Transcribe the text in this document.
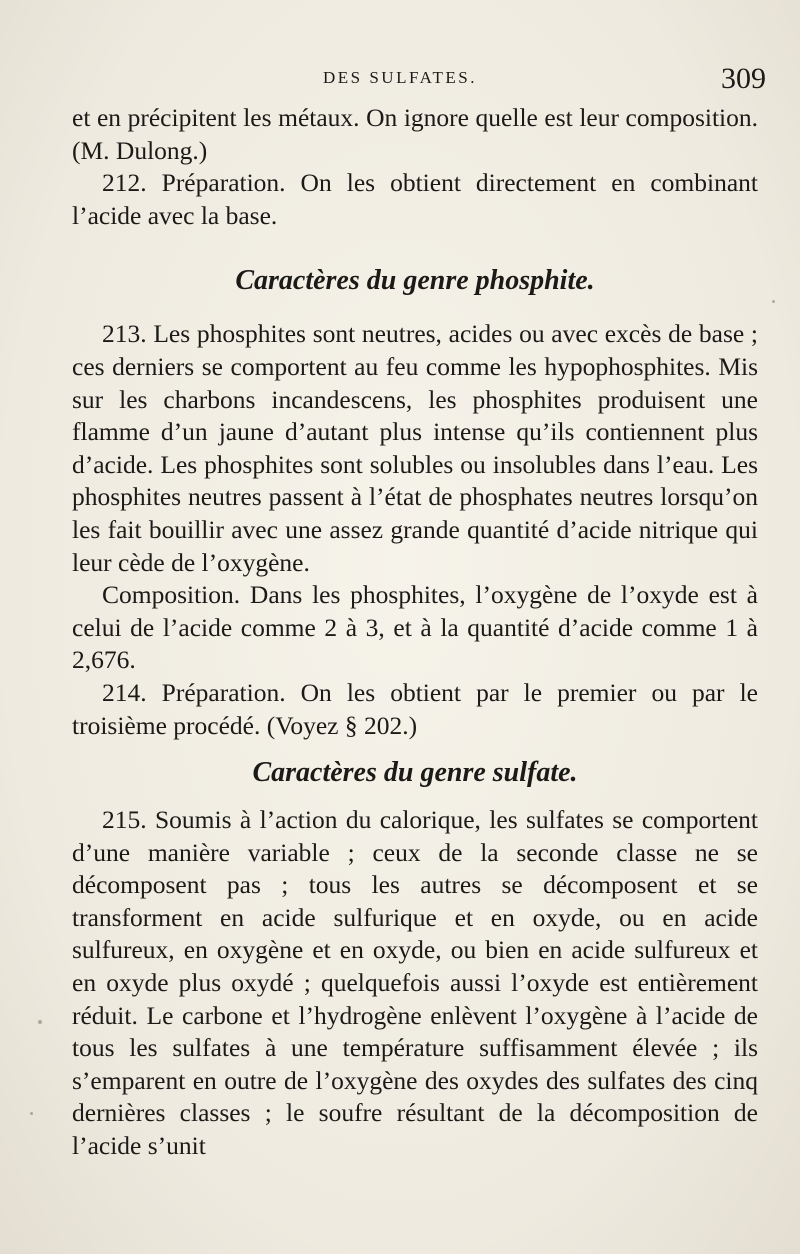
DES SULFATES.	309

et en précipitent les métaux. On ignore quelle est leur composition. (M. Dulong.)

212. Préparation. On les obtient directement en combinant l’acide avec la base.

Caractères du genre phosphite.

213. Les phosphites sont neutres, acides ou avec excès de base ; ces derniers se comportent au feu comme les hypophosphites. Mis sur les charbons incandescens, les phosphites produisent une flamme d’un jaune d’autant plus intense qu’ils contiennent plus d’acide. Les phosphites sont solubles ou insolubles dans l’eau. Les phosphites neutres passent à l’état de phosphates neutres lorsqu’on les fait bouillir avec une assez grande quantité d’acide nitrique qui leur cède de l’oxygène.

Composition. Dans les phosphites, l’oxygène de l’oxyde est à celui de l’acide comme 2 à 3, et à la quantité d’acide comme 1 à 2,676.

214. Préparation. On les obtient par le premier ou par le troisième procédé. (Voyez § 202.)

Caractères du genre sulfate.

215. Soumis à l’action du calorique, les sulfates se comportent d’une manière variable ; ceux de la seconde classe ne se décomposent pas ; tous les autres se décomposent et se transforment en acide sulfurique et en oxyde, ou en acide sulfureux, en oxygène et en oxyde, ou bien en acide sulfureux et en oxyde plus oxydé ; quelquefois aussi l’oxyde est entièrement réduit. Le carbone et l’hydrogène enlèvent l’oxygène à l’acide de tous les sulfates à une température suffisamment élevée ; ils s’emparent en outre de l’oxygène des oxydes des sulfates des cinq dernières classes ; le soufre résultant de la décomposition de l’acide s’unit
